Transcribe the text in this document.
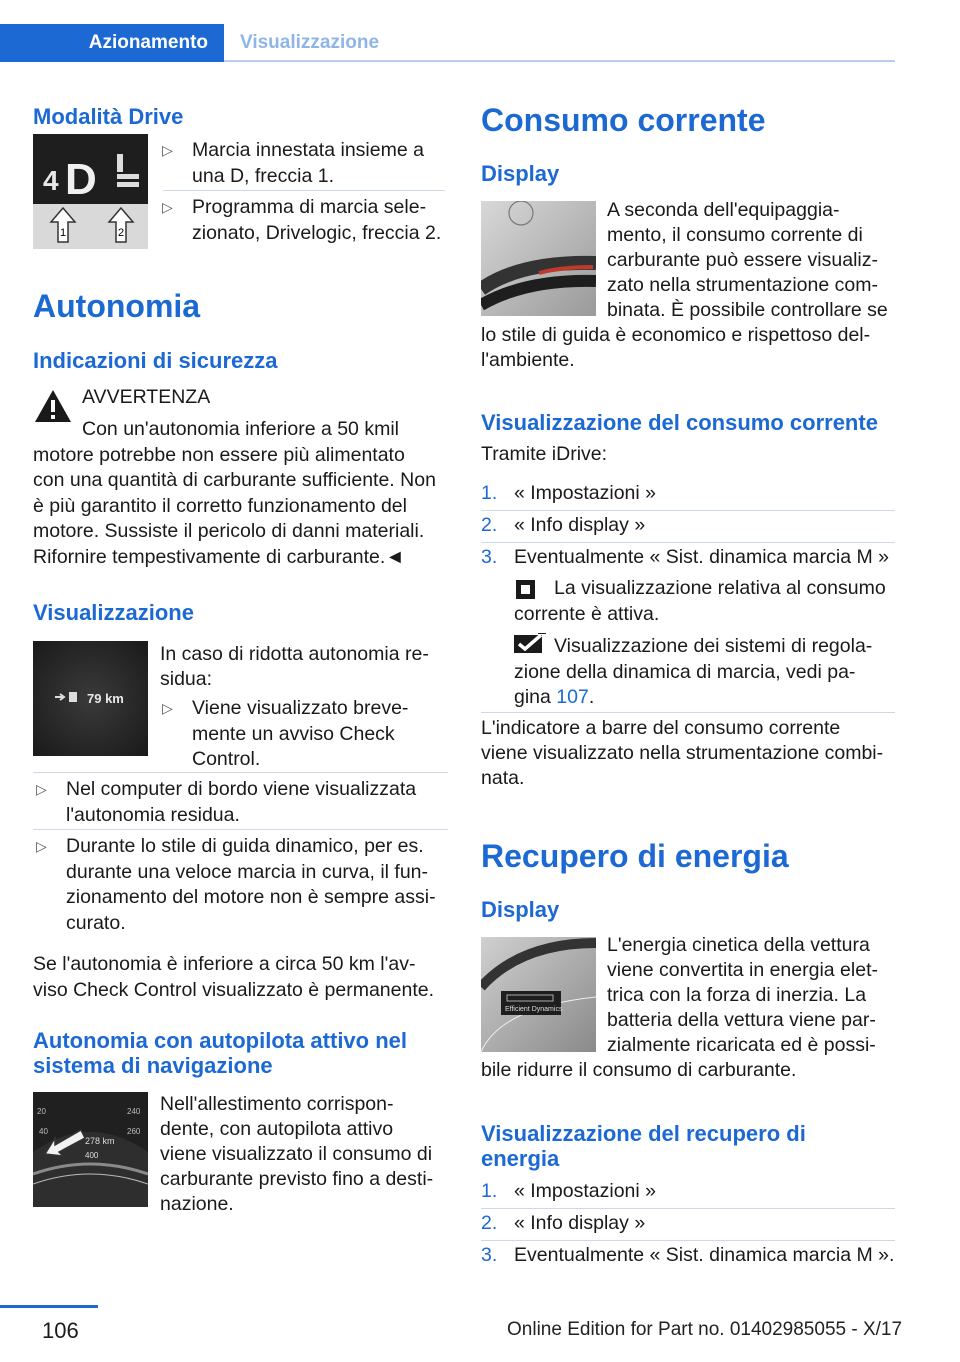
Azionamento	Visualizzazione
Modalità Drive
4 D
1	2
▷ Marcia innestata insieme a
una D, freccia 1.
▷ Programma di marcia sele-
zionato, Drivelogic, freccia 2.
Autonomia
Indicazioni di sicurezza
AVVERTENZA
Con un'autonomia inferiore a 50 kmil
motore potrebbe non essere più alimentato
con una quantità di carburante sufficiente. Non
è più garantito il corretto funzionamento del
motore. Sussiste il pericolo di danni materiali.
Rifornire tempestivamente di carburante.◄
Visualizzazione
79 km
In caso di ridotta autonomia re-
sidua:
▷ Viene visualizzato breve-
mente un avviso Check
Control.
▷ Nel computer di bordo viene visualizzata
l'autonomia residua.
▷ Durante lo stile di guida dinamico, per es.
durante una veloce marcia in curva, il fun-
zionamento del motore non è sempre assi-
curato.
Se l'autonomia è inferiore a circa 50 km l'av-
viso Check Control visualizzato è permanente.
Autonomia con autopilota attivo nel
sistema di navigazione
20
40
240
260
278 km
400
Nell'allestimento corrispon-
dente, con autopilota attivo
viene visualizzato il consumo di
carburante previsto fino a desti-
nazione.
Consumo corrente
Display
A seconda dell'equipaggia-
mento, il consumo corrente di
carburante può essere visualiz-
zato nella strumentazione com-
binata. È possibile controllare se
lo stile di guida è economico e rispettoso del-
l'ambiente.
Visualizzazione del consumo corrente
Tramite iDrive:
1. « Impostazioni »
2. « Info display »
3. Eventualmente « Sist. dinamica marcia M »
La visualizzazione relativa al consumo
corrente è attiva.
Visualizzazione dei sistemi di regola-
zione della dinamica di marcia, vedi pa-
gina 107.
L'indicatore a barre del consumo corrente
viene visualizzato nella strumentazione combi-
nata.
Recupero di energia
Display
Efficient Dynamics
L'energia cinetica della vettura
viene convertita in energia elet-
trica con la forza di inerzia. La
batteria della vettura viene par-
zialmente ricaricata ed è possi-
bile ridurre il consumo di carburante.
Visualizzazione del recupero di
energia
1. « Impostazioni »
2. « Info display »
3. Eventualmente « Sist. dinamica marcia M ».
106	Online Edition for Part no. 01402985055 - X/17
